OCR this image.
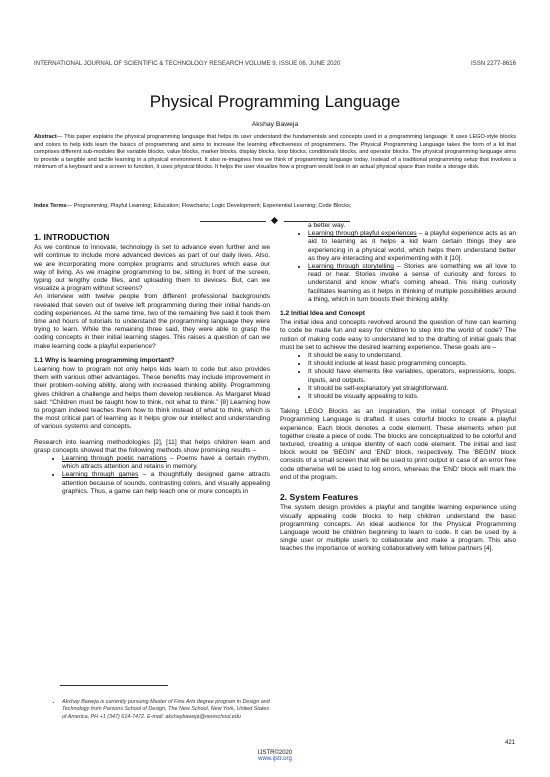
INTERNATIONAL JOURNAL OF SCIENTIFIC & TECHNOLOGY RESEARCH VOLUME 9, ISSUE 06, JUNE 2020	ISSN 2277-8616
Physical Programming Language
Akshay Baweja
Abstract— This paper explains the physical programming language that helps its user understand the fundamentals and concepts used in a programming language. It uses LEGO-style blocks and colors to help kids learn the basics of programming and aims to increase the learning effectiveness of programmers. The Physical Programming Language takes the form of a kit that comprises different sub-modules like variable blocks, value blocks, marker blocks, display blocks, loop blocks, conditionals blocks, and operator blocks. The physical programming language aims to provide a tangible and tactile learning in a physical environment. It also re-imagines how we think of programming language today. Instead of a traditional programming setup that involves a minimum of a keyboard and a screen to function, it uses physical blocks. It helps the user visualize how a program would look in an actual physical space than inside a storage disk.
Index Terms— Programming; Playful Learning; Education; Flowcharts; Logic Development; Experiential Learning; Code Blocks;
1. INTRODUCTION

As we continue to innovate, technology is set to advance even further and we will continue to include more advanced devices as part of our daily lives. Also, we are incorporating more complex programs and structures which ease our way of living. As we imagine programming to be, sitting in front of the screen, typing out lengthy code files, and uploading them to devices. But, can we visualize a program without screens?

An interview with twelve people from different professional backgrounds revealed that seven out of twelve left programming during their initial hands-on coding experiences. At the same time, two of the remaining five said it took them time and hours of tutorials to understand the programming language they were trying to learn. While the remaining three said, they were able to grasp the coding concepts in their initial learning stages. This raises a question of can we make learning code a playful experience?

1.1 Why is learning programming important?

Learning how to program not only helps kids learn to code but also provides them with various other advantages. These benefits may include improvement in their problem-solving ability, along with increased thinking ability. Programming gives children a challenge and helps them develop resilience. As Margaret Mead said: “Children must be taught how to think, not what to think.” [8] Learning how to program indeed teaches them how to think instead of what to think, which is the most critical part of learning as it helps grow our intellect and understanding of various systems and concepts.

Research into learning methodologies [2], [11] that helps children learn and grasp concepts showed that the following methods show promising results –

• Learning through poetic narrations – Poems have a certain rhythm, which attracts attention and retains in memory.
• Learning through games – a thoughtfully designed game attracts attention because of sounds, contrasting colors, and visually appealing graphics. Thus, a game can help teach one or more concepts in
• Akshay Baweja is currently pursuing Master of Fine Arts degree program in Design and Technology from Parsons School of Design, The New School, New York, United States of America, PH +1 (347) 614-7472. E-mail: akshaybaweja@newschool.edu

a better way.

• Learning through playful experiences – a playful experience acts as an aid to learning as it helps a kid learn certain things they are experiencing in a physical world, which helps them understand better as they are interacting and experimenting with it [10].
• Learning through storytelling – Stories are something we all love to read or hear. Stories invoke a sense of curiosity and forces to understand and know what's coming ahead. This rising curiosity facilitates learning as it helps in thinking of multiple possibilities around a thing, which in turn boosts their thinking ability.
1.2 Initial Idea and Concept

The initial idea and concepts revolved around the question of how can learning to code be made fun and easy for children to step into the world of code? The notion of making code easy to understand led to the drafting of initial goals that must be set to achieve the desired learning experience. These goals are –

• It should be easy to understand.
• It should include at least basic programming concepts.
• It should have elements like variables, operators, expressions, loops, inputs, and outputs.
• It should be self-explanatory yet straightforward.
• It should be visually appealing to kids.

Taking LEGO Blocks as an inspiration, the initial concept of Physical Programming Language is drafted. It uses colorful blocks to create a playful experience. Each block denotes a code element. These elements when put together create a piece of code. The blocks are conceptualized to be colorful and textured, creating a unique identity of each code element. The initial and last block would be 'BEGIN' and 'END' block, respectively. The 'BEGIN' block consists of a small screen that will be used to print output in case of an error free code otherwise will be used to log errors, whereas the 'END' block will mark the end of the program.

2. System Features

The system design provides a playful and tangible learning experience using visually appealing code blocks to help children understand the basic programming concepts. An ideal audience for the Physical Programming Language would be children beginning to learn to code. It can be used by a single user or multiple users to collaborate and make a program. This also teaches the importance of working collaboratively with fellow partners [4].

421
IJSTR©2020
www.ijstr.org
